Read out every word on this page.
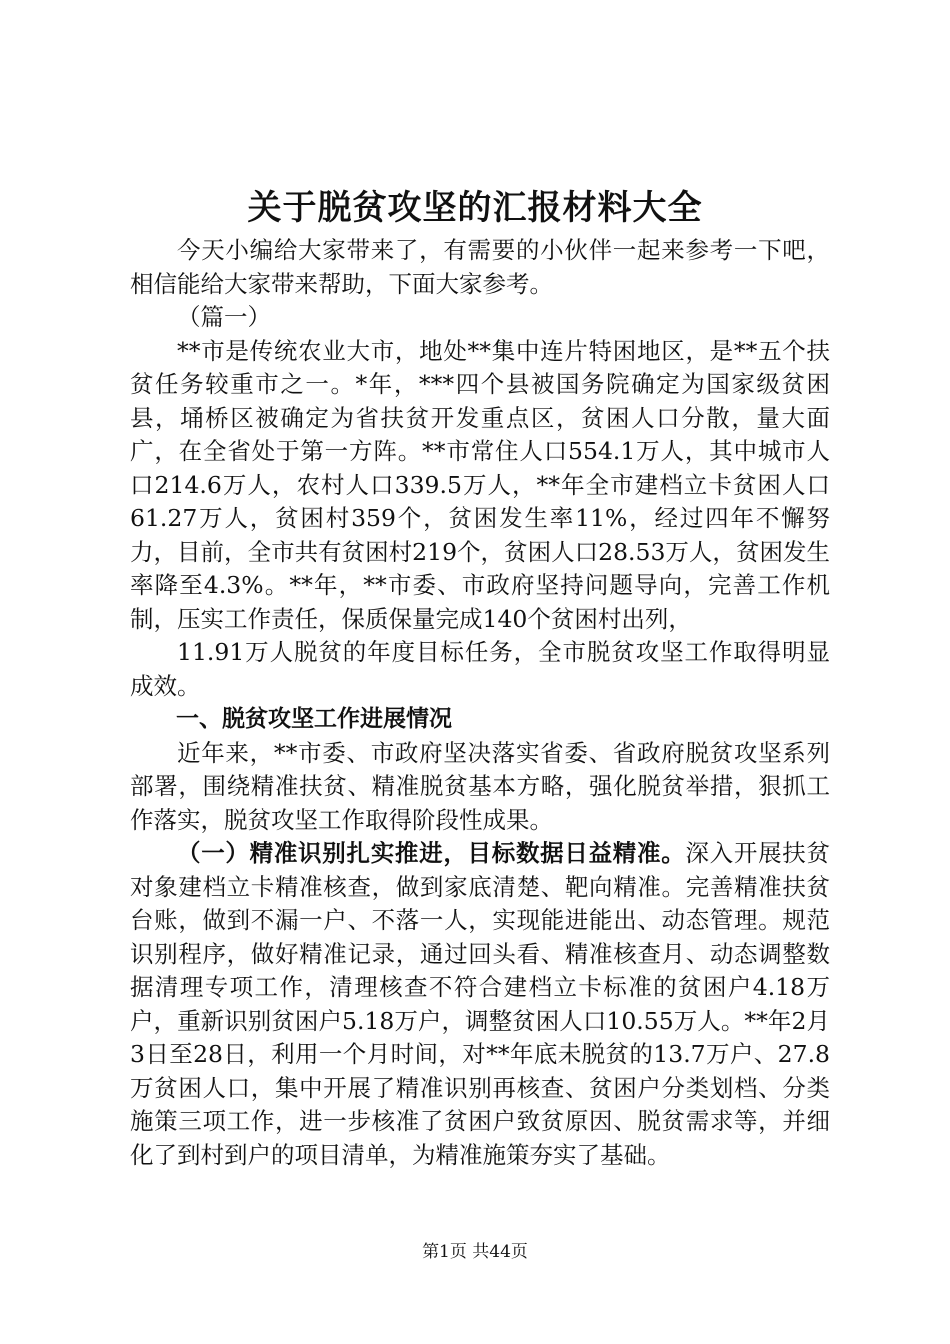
关于脱贫攻坚的汇报材料大全

今天小编给大家带来了，有需要的小伙伴一起来参考一下吧，相信能给大家带来帮助，下面大家参考。

（篇一）

**市是传统农业大市，地处**集中连片特困地区，是**五个扶贫任务较重市之一。*年，***四个县被国务院确定为国家级贫困县，埇桥区被确定为省扶贫开发重点区，贫困人口分散，量大面广，在全省处于第一方阵。**市常住人口554.1万人，其中城市人口214.6万人，农村人口339.5万人，**年全市建档立卡贫困人口61.27万人，贫困村359个，贫困发生率11%，经过四年不懈努力，目前，全市共有贫困村219个，贫困人口28.53万人，贫困发生率降至4.3%。**年，**市委、市政府坚持问题导向，完善工作机制，压实工作责任，保质保量完成140个贫困村出列，

11.91万人脱贫的年度目标任务，全市脱贫攻坚工作取得明显成效。

一、脱贫攻坚工作进展情况

近年来，**市委、市政府坚决落实省委、省政府脱贫攻坚系列部署，围绕精准扶贫、精准脱贫基本方略，强化脱贫举措，狠抓工作落实，脱贫攻坚工作取得阶段性成果。

（一）精准识别扎实推进，目标数据日益精准。深入开展扶贫对象建档立卡精准核查，做到家底清楚、靶向精准。完善精准扶贫台账，做到不漏一户、不落一人，实现能进能出、动态管理。规范识别程序，做好精准记录，通过回头看、精准核查月、动态调整数据清理专项工作，清理核查不符合建档立卡标准的贫困户4.18万户，重新识别贫困户5.18万户，调整贫困人口10.55万人。**年2月3日至28日，利用一个月时间，对**年底未脱贫的13.7万户、27.8万贫困人口，集中开展了精准识别再核查、贫困户分类划档、分类施策三项工作，进一步核准了贫困户致贫原因、脱贫需求等，并细化了到村到户的项目清单，为精准施策夯实了基础。

第1页 共44页
